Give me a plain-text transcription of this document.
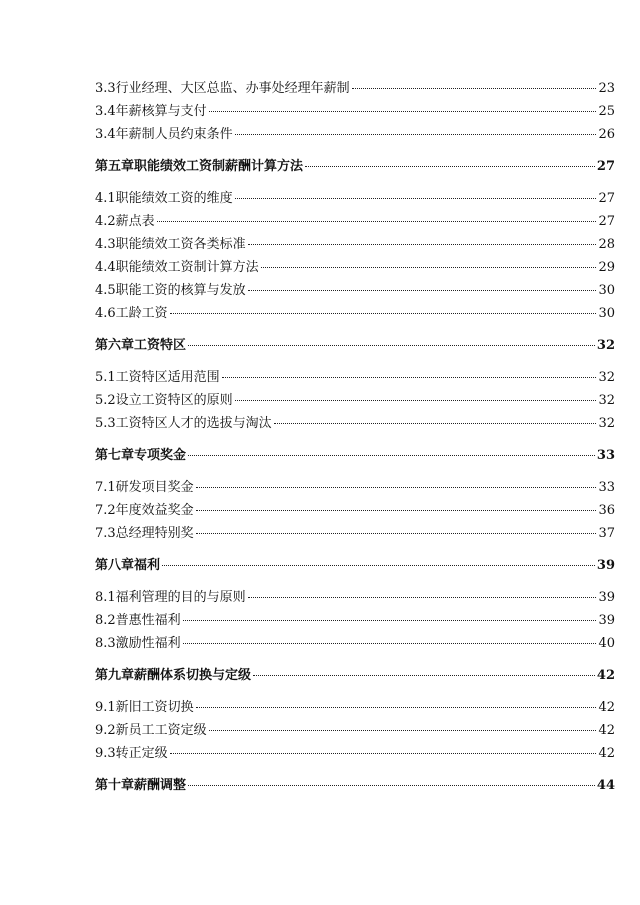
3.3行业经理、大区总监、办事处经理年薪制	23
3.4年薪核算与支付	25
3.4年薪制人员约束条件	26
第五章职能绩效工资制薪酬计算方法	27
4.1职能绩效工资的维度	27
4.2薪点表	27
4.3职能绩效工资各类标准	28
4.4职能绩效工资制计算方法	29
4.5职能工资的核算与发放	30
4.6工龄工资	30
第六章工资特区	32
5.1工资特区适用范围	32
5.2设立工资特区的原则	32
5.3工资特区人才的选拔与淘汰	32
第七章专项奖金	33
7.1研发项目奖金	33
7.2年度效益奖金	36
7.3总经理特别奖	37
第八章福利	39
8.1福利管理的目的与原则	39
8.2普惠性福利	39
8.3激励性福利	40
第九章薪酬体系切换与定级	42
9.1新旧工资切换	42
9.2新员工工资定级	42
9.3转正定级	42
第十章薪酬调整	44
